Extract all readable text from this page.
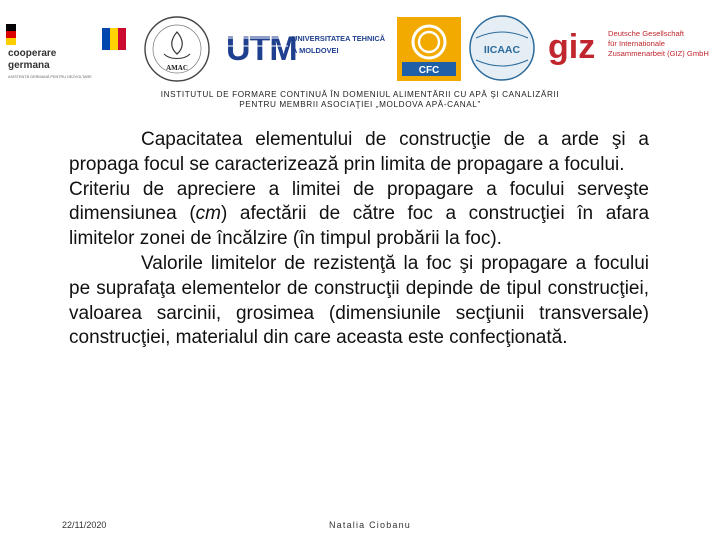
cooperare
germana
ASISTENȚĂ GERMANĂ PENTRU DEZVOLTARE
AMAC UTM
UNIVERSITATEA TEHNICĂ
A MOLDOVEI
CFC
IICAAC giz Deutsche Gesellschaft
für Internationale
Zusammenarbeit (GIZ) GmbH
INSTITUTUL DE FORMARE CONTINUĂ ÎN DOMENIUL ALIMENTĂRII CU APĂ ŞI CANALIZĂRII
PENTRU MEMBRII ASOCIAŢIEI „MOLDOVA APĂ-CANAL”

Capacitatea elementului de construcţie de a arde şi a propaga focul se caracterizează prin limita de propagare a focului.

Criteriu de apreciere a limitei de propagare a focului serveşte dimensiunea (cm) afectării de către foc a construcţiei în afara limitelor zonei de încălzire (în timpul probării la foc).

Valorile limitelor de rezistenţă la foc şi propagare a focului pe suprafaţa elementelor de construcţii depinde de tipul construcţiei, valoarea sarcinii, grosimea (dimensiunile secţiunii transversale) construcţiei, materialul din care aceasta este confecţionată.

22/11/2020	Natalia Ciobanu
